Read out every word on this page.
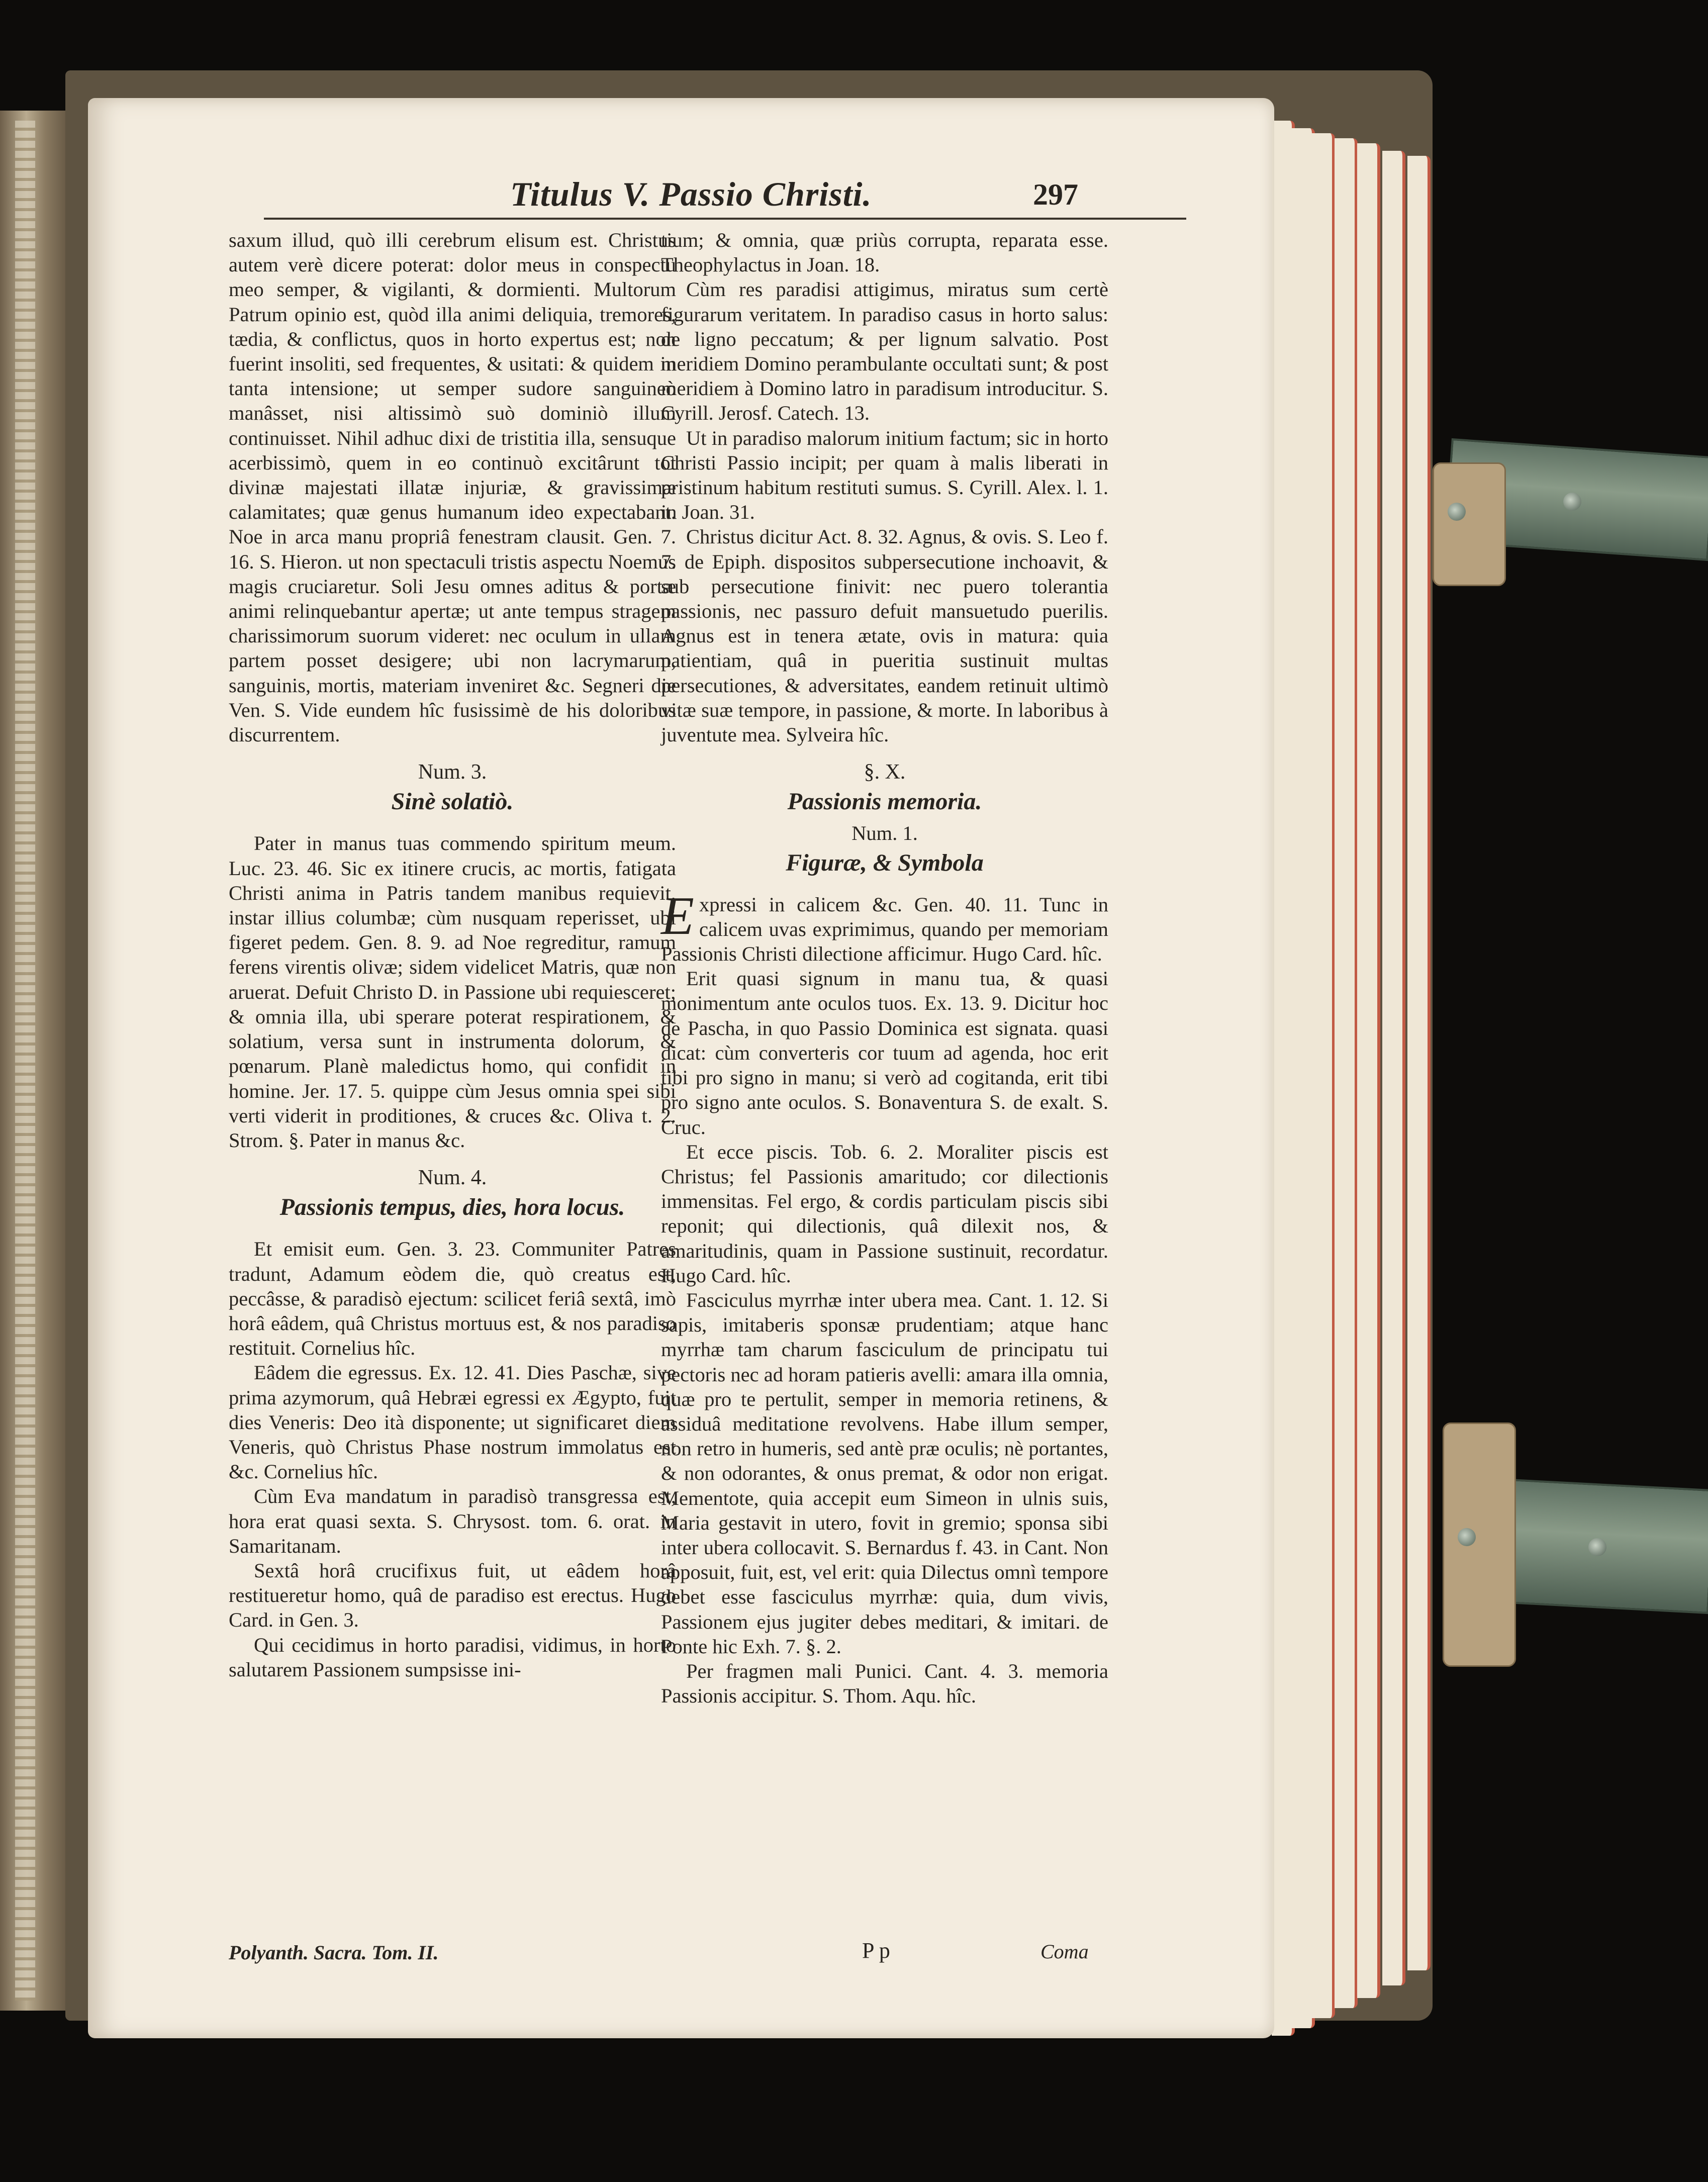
Titulus V. Passio Christi.	297

saxum illud, quò illi cerebrum elisum est. Christus autem verè dicere poterat: dolor meus in conspectu meo semper, & vigilanti, & dormienti. Multorum Patrum opinio est, quòd illa animi deliquia, tremores, tædia, & conflictus, quos in horto expertus est; non fuerint insoliti, sed frequentes, & usitati: & quidem in tanta intensione; ut semper sudore sanguineò manâsset, nisi altissimò suò dominiò illum continuisset. Nihil adhuc dixi de tristitia illa, sensuque acerbissimò, quem in eo continuò excitârunt tot divinæ majestati illatæ injuriæ, & gravissimæ calamitates; quæ genus humanum ideo expectabant. Noe in arca manu propriâ fenestram clausit. Gen. 7. 16. S. Hieron. ut non spectaculi tristis aspectu Noemus magis cruciaretur. Soli Jesu omnes aditus & portæ animi relinquebantur apertæ; ut ante tempus stragem charissimorum suorum videret: nec oculum in ullam partem posset desigere; ubi non lacrymarum, sanguinis, mortis, materiam inveniret &c. Segneri die Ven. S. Vide eundem hîc fusissimè de his doloribus discurrentem.

Num. 3.

Sinè solatiò.

Pater in manus tuas commendo spiritum meum. Luc. 23. 46. Sic ex itinere crucis, ac mortis, fatigata Christi anima in Patris tandem manibus requievit, instar illius columbæ; cùm nusquam reperisset, ubi figeret pedem. Gen. 8. 9. ad Noe regreditur, ramum ferens virentis olivæ; sidem videlicet Matris, quæ non aruerat. Defuit Christo D. in Passione ubi requiesceret; & omnia illa, ubi sperare poterat respirationem, & solatium, versa sunt in instrumenta dolorum, & pœnarum. Planè maledictus homo, qui confidit in homine. Jer. 17. 5. quippe cùm Jesus omnia spei sibi verti viderit in proditiones, & cruces &c. Oliva t. 2. Strom. §. Pater in manus &c.

Num. 4.

Passionis tempus, dies, hora locus.

Et emisit eum. Gen. 3. 23. Communiter Patres tradunt, Adamum eòdem die, quò creatus est, peccâsse, & paradisò ejectum: scilicet feriâ sextâ, imò horâ eâdem, quâ Christus mortuus est, & nos paradiso restituit. Cornelius hîc.

Eâdem die egressus. Ex. 12. 41. Dies Paschæ, sive prima azymorum, quâ Hebræi egressi ex Ægypto, fuit dies Veneris: Deo ità disponente; ut significaret diem Veneris, quò Christus Phase nostrum immolatus est &c. Cornelius hîc.

Cùm Eva mandatum in paradisò transgressa est, hora erat quasi sexta. S. Chrysost. tom. 6. orat. in Samaritanam.

Sextâ horâ crucifixus fuit, ut eâdem horâ restitueretur homo, quâ de paradiso est erectus. Hugo Card. in Gen. 3.

Qui cecidimus in horto paradisi, vidimus, in horto salutarem Passionem sumpsisse ini-

tium; & omnia, quæ priùs corrupta, reparata esse. Theophylactus in Joan. 18.

Cùm res paradisi attigimus, miratus sum certè figurarum veritatem. In paradiso casus in horto salus: de ligno peccatum; & per lignum salvatio. Post meridiem Domino perambulante occultati sunt; & post meridiem à Domino latro in paradisum introducitur. S. Cyrill. Jerosf. Catech. 13.

Ut in paradiso malorum initium factum; sic in horto Christi Passio incipit; per quam à malis liberati in pristinum habitum restituti sumus. S. Cyrill. Alex. l. 1. in Joan. 31.

Christus dicitur Act. 8. 32. Agnus, & ovis. S. Leo f. 7. de Epiph. dispositos subpersecutione inchoavit, & sub persecutione finivit: nec puero tolerantia passionis, nec passuro defuit mansuetudo puerilis. Agnus est in tenera ætate, ovis in matura: quia patientiam, quâ in pueritia sustinuit multas persecutiones, & adversitates, eandem retinuit ultimò vitæ suæ tempore, in passione, & morte. In laboribus à juventute mea. Sylveira hîc.

§. X.

Passionis memoria.

Num. 1.

Figuræ, & Symbola

Expressi in calicem &c. Gen. 40. 11. Tunc in calicem uvas exprimimus, quando per memoriam Passionis Christi dilectione afficimur. Hugo Card. hîc.

Erit quasi signum in manu tua, & quasi monimentum ante oculos tuos. Ex. 13. 9. Dicitur hoc de Pascha, in quo Passio Dominica est signata. quasi dicat: cùm converteris cor tuum ad agenda, hoc erit tibi pro signo in manu; si verò ad cogitanda, erit tibi pro signo ante oculos. S. Bonaventura S. de exalt. S. Cruc.

Et ecce piscis. Tob. 6. 2. Moraliter piscis est Christus; fel Passionis amaritudo; cor dilectionis immensitas. Fel ergo, & cordis particulam piscis sibi reponit; qui dilectionis, quâ dilexit nos, & amaritudinis, quam in Passione sustinuit, recordatur. Hugo Card. hîc.

Fasciculus myrrhæ inter ubera mea. Cant. 1. 12. Si sapis, imitaberis sponsæ prudentiam; atque hanc myrrhæ tam charum fasciculum de principatu tui pectoris nec ad horam patieris avelli: amara illa omnia, quæ pro te pertulit, semper in memoria retinens, & assiduâ meditatione revolvens. Habe illum semper, non retro in humeris, sed antè præ oculis; nè portantes, & non odorantes, & onus premat, & odor non erigat. Mementote, quia accepit eum Simeon in ulnis suis, Maria gestavit in utero, fovit in gremio; sponsa sibi inter ubera collocavit. S. Bernardus f. 43. in Cant. Non apposuit, fuit, est, vel erit: quia Dilectus omnì tempore debet esse fasciculus myrrhæ: quia, dum vivis, Passionem ejus jugiter debes meditari, & imitari. de Ponte hic Exh. 7. §. 2.

Per fragmen mali Punici. Cant. 4. 3. memoria Passionis accipitur. S. Thom. Aqu. hîc.

Polyanth. Sacra. Tom. II.	P p	Coma
